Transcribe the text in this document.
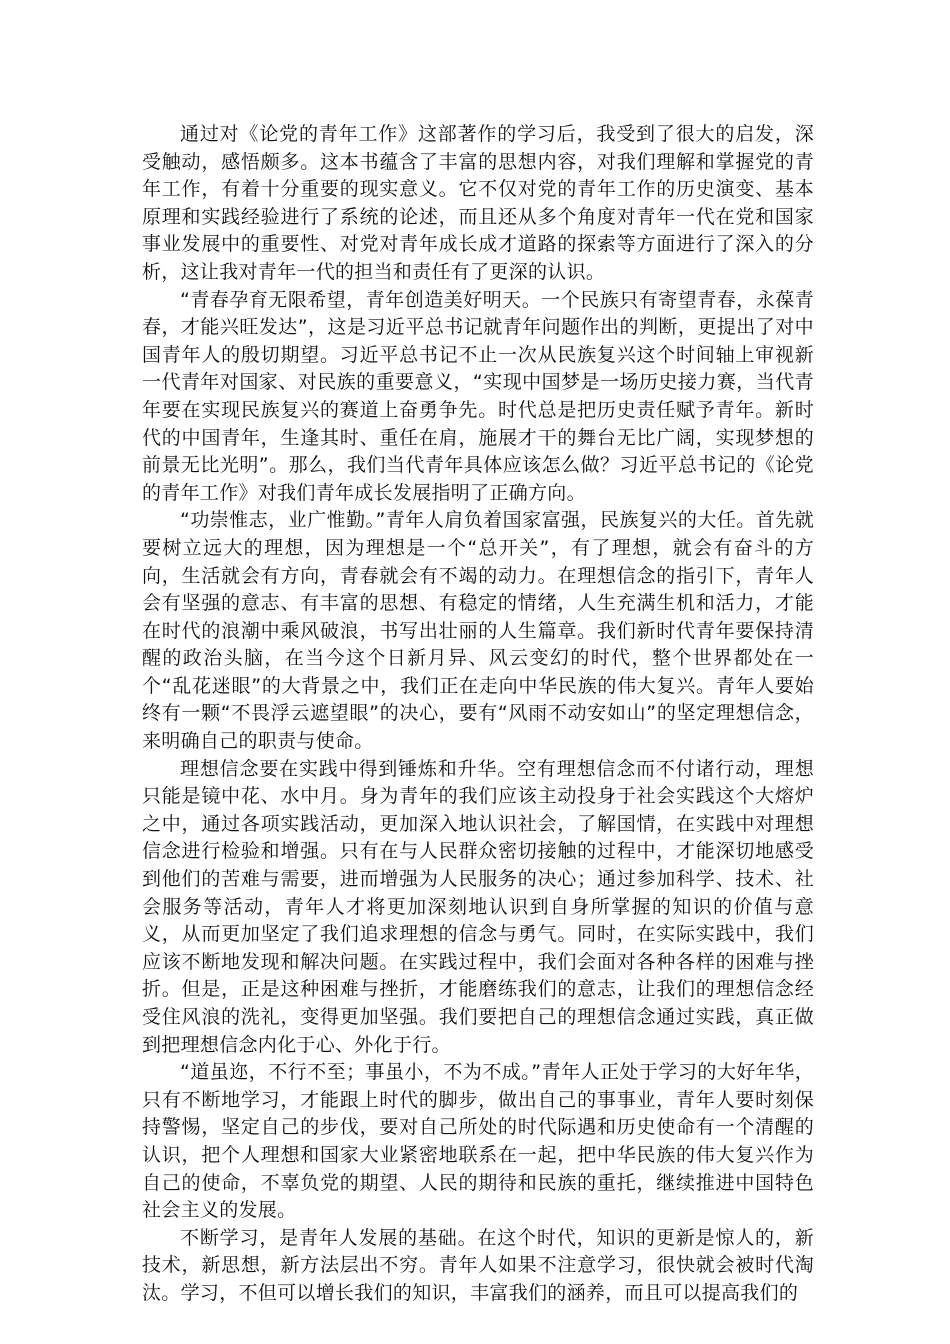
通过对《论党的青年工作》这部著作的学习后，我受到了很大的启发，深受触动，感悟颇多。这本书蕴含了丰富的思想内容，对我们理解和掌握党的青年工作，有着十分重要的现实意义。它不仅对党的青年工作的历史演变、基本原理和实践经验进行了系统的论述，而且还从多个角度对青年一代在党和国家事业发展中的重要性、对党对青年成长成才道路的探索等方面进行了深入的分析，这让我对青年一代的担当和责任有了更深的认识。

“青春孕育无限希望，青年创造美好明天。一个民族只有寄望青春，永葆青春，才能兴旺发达”，这是习近平总书记就青年问题作出的判断，更提出了对中国青年人的殷切期望。习近平总书记不止一次从民族复兴这个时间轴上审视新一代青年对国家、对民族的重要意义，“实现中国梦是一场历史接力赛，当代青年要在实现民族复兴的赛道上奋勇争先。时代总是把历史责任赋予青年。新时代的中国青年，生逢其时、重任在肩，施展才干的舞台无比广阔，实现梦想的前景无比光明”。那么，我们当代青年具体应该怎么做？习近平总书记的《论党的青年工作》对我们青年成长发展指明了正确方向。

“功崇惟志，业广惟勤。”青年人肩负着国家富强，民族复兴的大任。首先就要树立远大的理想，因为理想是一个“总开关”，有了理想，就会有奋斗的方向，生活就会有方向，青春就会有不竭的动力。在理想信念的指引下，青年人会有坚强的意志、有丰富的思想、有稳定的情绪，人生充满生机和活力，才能在时代的浪潮中乘风破浪，书写出壮丽的人生篇章。我们新时代青年要保持清醒的政治头脑，在当今这个日新月异、风云变幻的时代，整个世界都处在一个“乱花迷眼”的大背景之中，我们正在走向中华民族的伟大复兴。青年人要始终有一颗“不畏浮云遮望眼”的决心，要有“风雨不动安如山”的坚定理想信念，来明确自己的职责与使命。

理想信念要在实践中得到锤炼和升华。空有理想信念而不付诸行动，理想只能是镜中花、水中月。身为青年的我们应该主动投身于社会实践这个大熔炉之中，通过各项实践活动，更加深入地认识社会，了解国情，在实践中对理想信念进行检验和增强。只有在与人民群众密切接触的过程中，才能深切地感受到他们的苦难与需要，进而增强为人民服务的决心；通过参加科学、技术、社会服务等活动，青年人才将更加深刻地认识到自身所掌握的知识的价值与意义，从而更加坚定了我们追求理想的信念与勇气。同时，在实际实践中，我们应该不断地发现和解决问题。在实践过程中，我们会面对各种各样的困难与挫折。但是，正是这种困难与挫折，才能磨练我们的意志，让我们的理想信念经受住风浪的洗礼，变得更加坚强。我们要把自己的理想信念通过实践，真正做到把理想信念内化于心、外化于行。

“道虽迩，不行不至；事虽小，不为不成。”青年人正处于学习的大好年华，只有不断地学习，才能跟上时代的脚步，做出自己的事事业，青年人要时刻保持警惕，坚定自己的步伐，要对自己所处的时代际遇和历史使命有一个清醒的认识，把个人理想和国家大业紧密地联系在一起，把中华民族的伟大复兴作为自己的使命，不辜负党的期望、人民的期待和民族的重托，继续推进中国特色社会主义的发展。

不断学习，是青年人发展的基础。在这个时代，知识的更新是惊人的，新技术，新思想，新方法层出不穷。青年人如果不注意学习，很快就会被时代淘汰。学习，不但可以增长我们的知识，丰富我们的涵养，而且可以提高我们的
